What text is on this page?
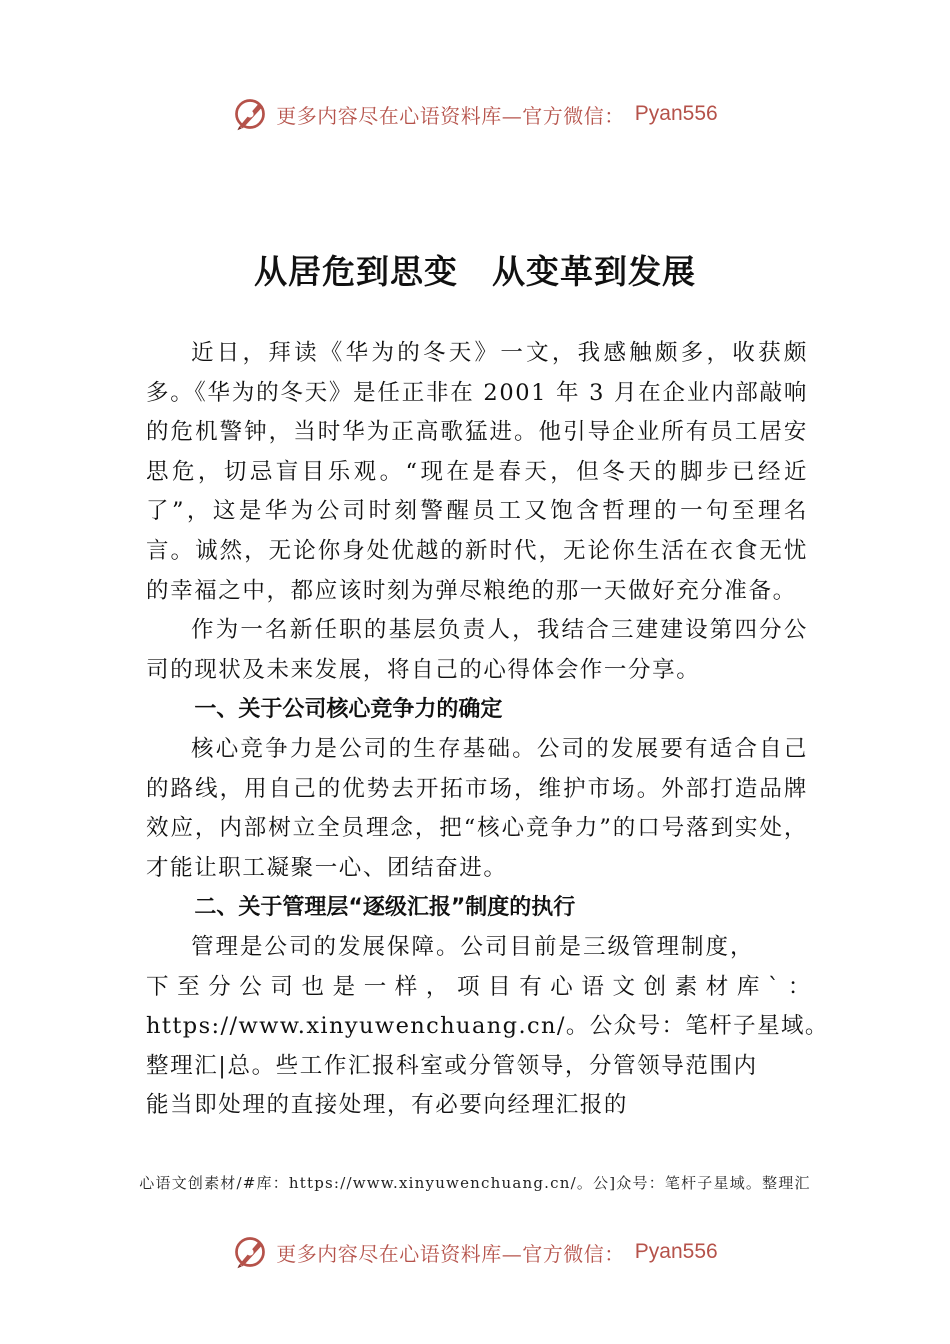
更多内容尽在心语资料库—官方微信： Pyan556
从居危到思变　从变革到发展

近日，拜读《华为的冬天》一文，我感触颇多，收获颇多。《华为的冬天》是任正非在 2001 年 3 月在企业内部敲响的危机警钟，当时华为正高歌猛进。他引导企业所有员工居安思危，切忌盲目乐观。“现在是春天，但冬天的脚步已经近了”，这是华为公司时刻警醒员工又饱含哲理的一句至理名言。诚然，无论你身处优越的新时代，无论你生活在衣食无忧的幸福之中，都应该时刻为弹尽粮绝的那一天做好充分准备。

作为一名新任职的基层负责人，我结合三建建设第四分公司的现状及未来发展，将自己的心得体会作一分享。

一、关于公司核心竞争力的确定

核心竞争力是公司的生存基础。公司的发展要有适合自己的路线，用自己的优势去开拓市场，维护市场。外部打造品牌效应，内部树立全员理念，把“核心竞争力”的口号落到实处，才能让职工凝聚一心、团结奋进。

二、关于管理层“逐级汇报”制度的执行

管理是公司的发展保障。公司目前是三级管理制度，
下至分公司也是一样，项目有心语文创素材库`：
https://www.xinyuwenchuang.cn/。公众号：笔杆子星域。
整理汇|总。些工作汇报科室或分管领导，分管领导范围内
能当即处理的直接处理，有必要向经理汇报的

心语文创素材/#库：https://www.xinyuwenchuang.cn/。公]众号：笔杆子星域。整理汇
更多内容尽在心语资料库—官方微信： Pyan556
